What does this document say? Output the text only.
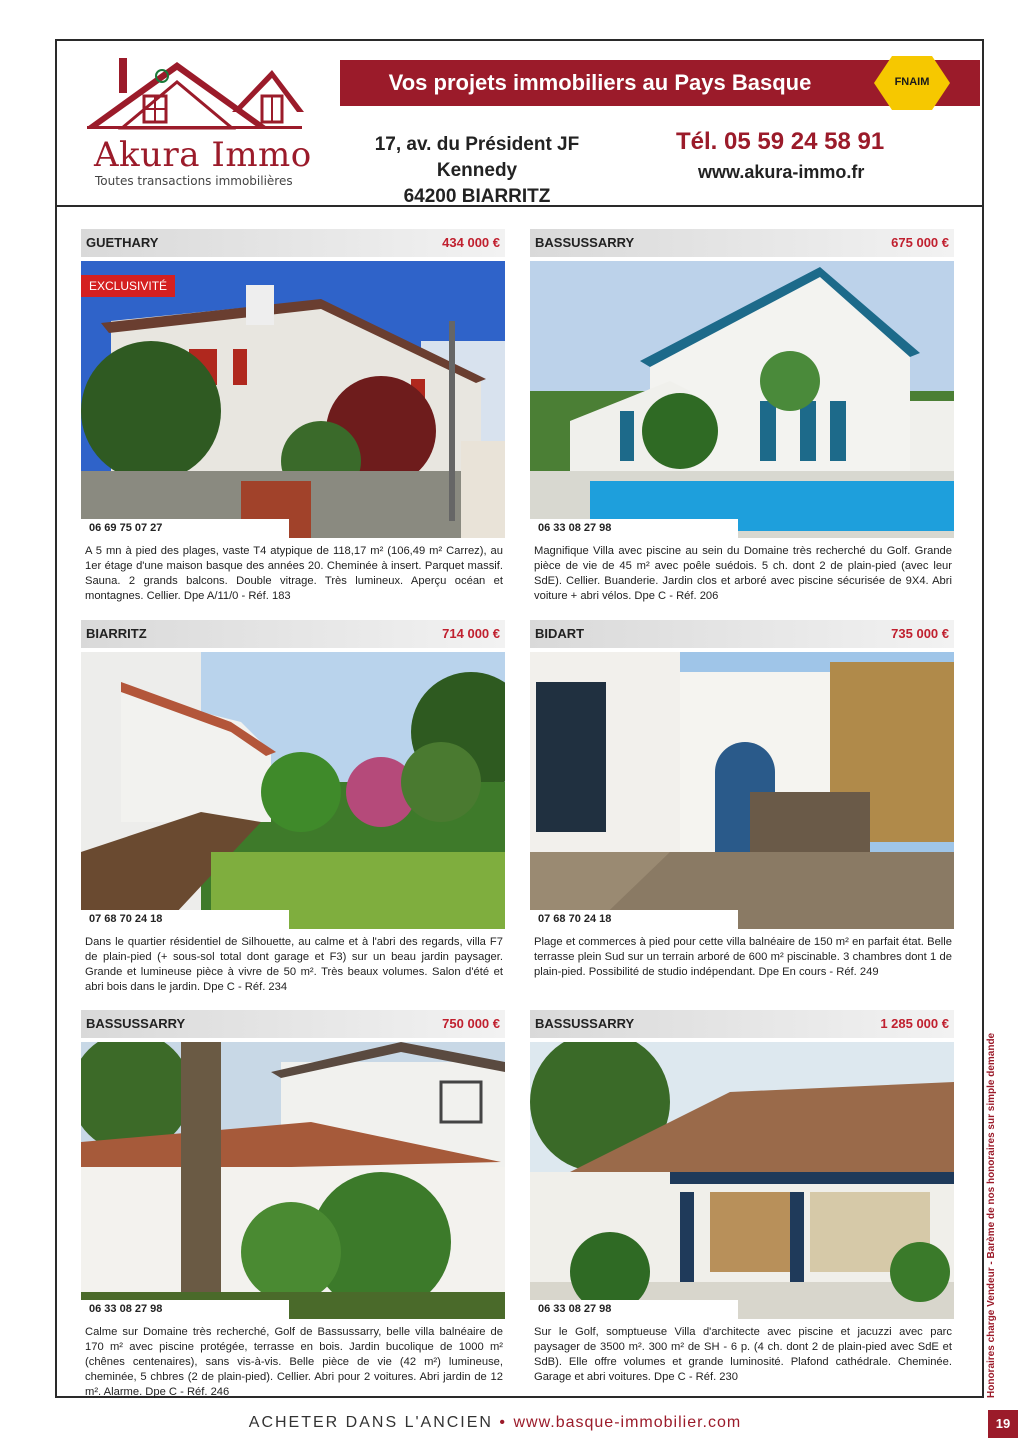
Akura Immo
Toutes transactions immobilières
Vos projets immobiliers au Pays Basque	FNAIM
17, av. du Président JF Kennedy
64200 BIARRITZ
Tél. 05 59 24 58 91
www.akura-immo.fr
GUETHARY	434 000 €
EXCLUSIVITÉ
06 69 75 07 27
A 5 mn à pied des plages, vaste T4 atypique de 118,17 m² (106,49 m² Carrez), au 1er étage d'une maison basque des années 20. Cheminée à insert. Parquet massif. Sauna. 2 grands balcons. Double vitrage. Très lumineux. Aperçu océan et montagnes. Cellier. Dpe A/11/0 - Réf. 183
BASSUSSARRY	675 000 €
06 33 08 27 98
Magnifique Villa avec piscine au sein du Domaine très recherché du Golf. Grande pièce de vie de 45 m² avec poêle suédois. 5 ch. dont 2 de plain-pied (avec leur SdE). Cellier. Buanderie. Jardin clos et arboré avec piscine sécurisée de 9X4. Abri voiture + abri vélos. Dpe C - Réf. 206
BIARRITZ	714 000 €
07 68 70 24 18
Dans le quartier résidentiel de Silhouette, au calme et à l'abri des regards, villa F7 de plain-pied (+ sous-sol total dont garage et F3) sur un beau jardin paysager. Grande et lumineuse pièce à vivre de 50 m². Très beaux volumes. Salon d'été et abri bois dans le jardin. Dpe C - Réf. 234
BIDART	735 000 €
07 68 70 24 18
Plage et commerces à pied pour cette villa balnéaire de 150 m² en parfait état. Belle terrasse plein Sud sur un terrain arboré de 600 m² piscinable. 3 chambres dont 1 de plain-pied. Possibilité de studio indépendant. Dpe En cours - Réf. 249
BASSUSSARRY	750 000 €
06 33 08 27 98
Calme sur Domaine très recherché, Golf de Bassussarry, belle villa balnéaire de 170 m² avec piscine protégée, terrasse en bois. Jardin bucolique de 1000 m² (chênes centenaires), sans vis-à-vis. Belle pièce de vie (42 m²) lumineuse, cheminée, 5 chbres (2 de plain-pied). Cellier. Abri pour 2 voitures. Abri jardin de 12 m². Alarme. Dpe C - Réf. 246
BASSUSSARRY	1 285 000 €
06 33 08 27 98
Sur le Golf, somptueuse Villa d'architecte avec piscine et jacuzzi avec parc paysager de 3500 m². 300 m² de SH - 6 p. (4 ch. dont 2 de plain-pied avec SdE et SdB). Elle offre volumes et grande luminosité. Plafond cathédrale. Cheminée. Garage et abri voitures. Dpe C - Réf. 230	Honoraires charge Vendeur - Barème de nos honoraires sur simple demande
ACHETER DANS L'ANCIEN • www.basque-immobilier.com	19
